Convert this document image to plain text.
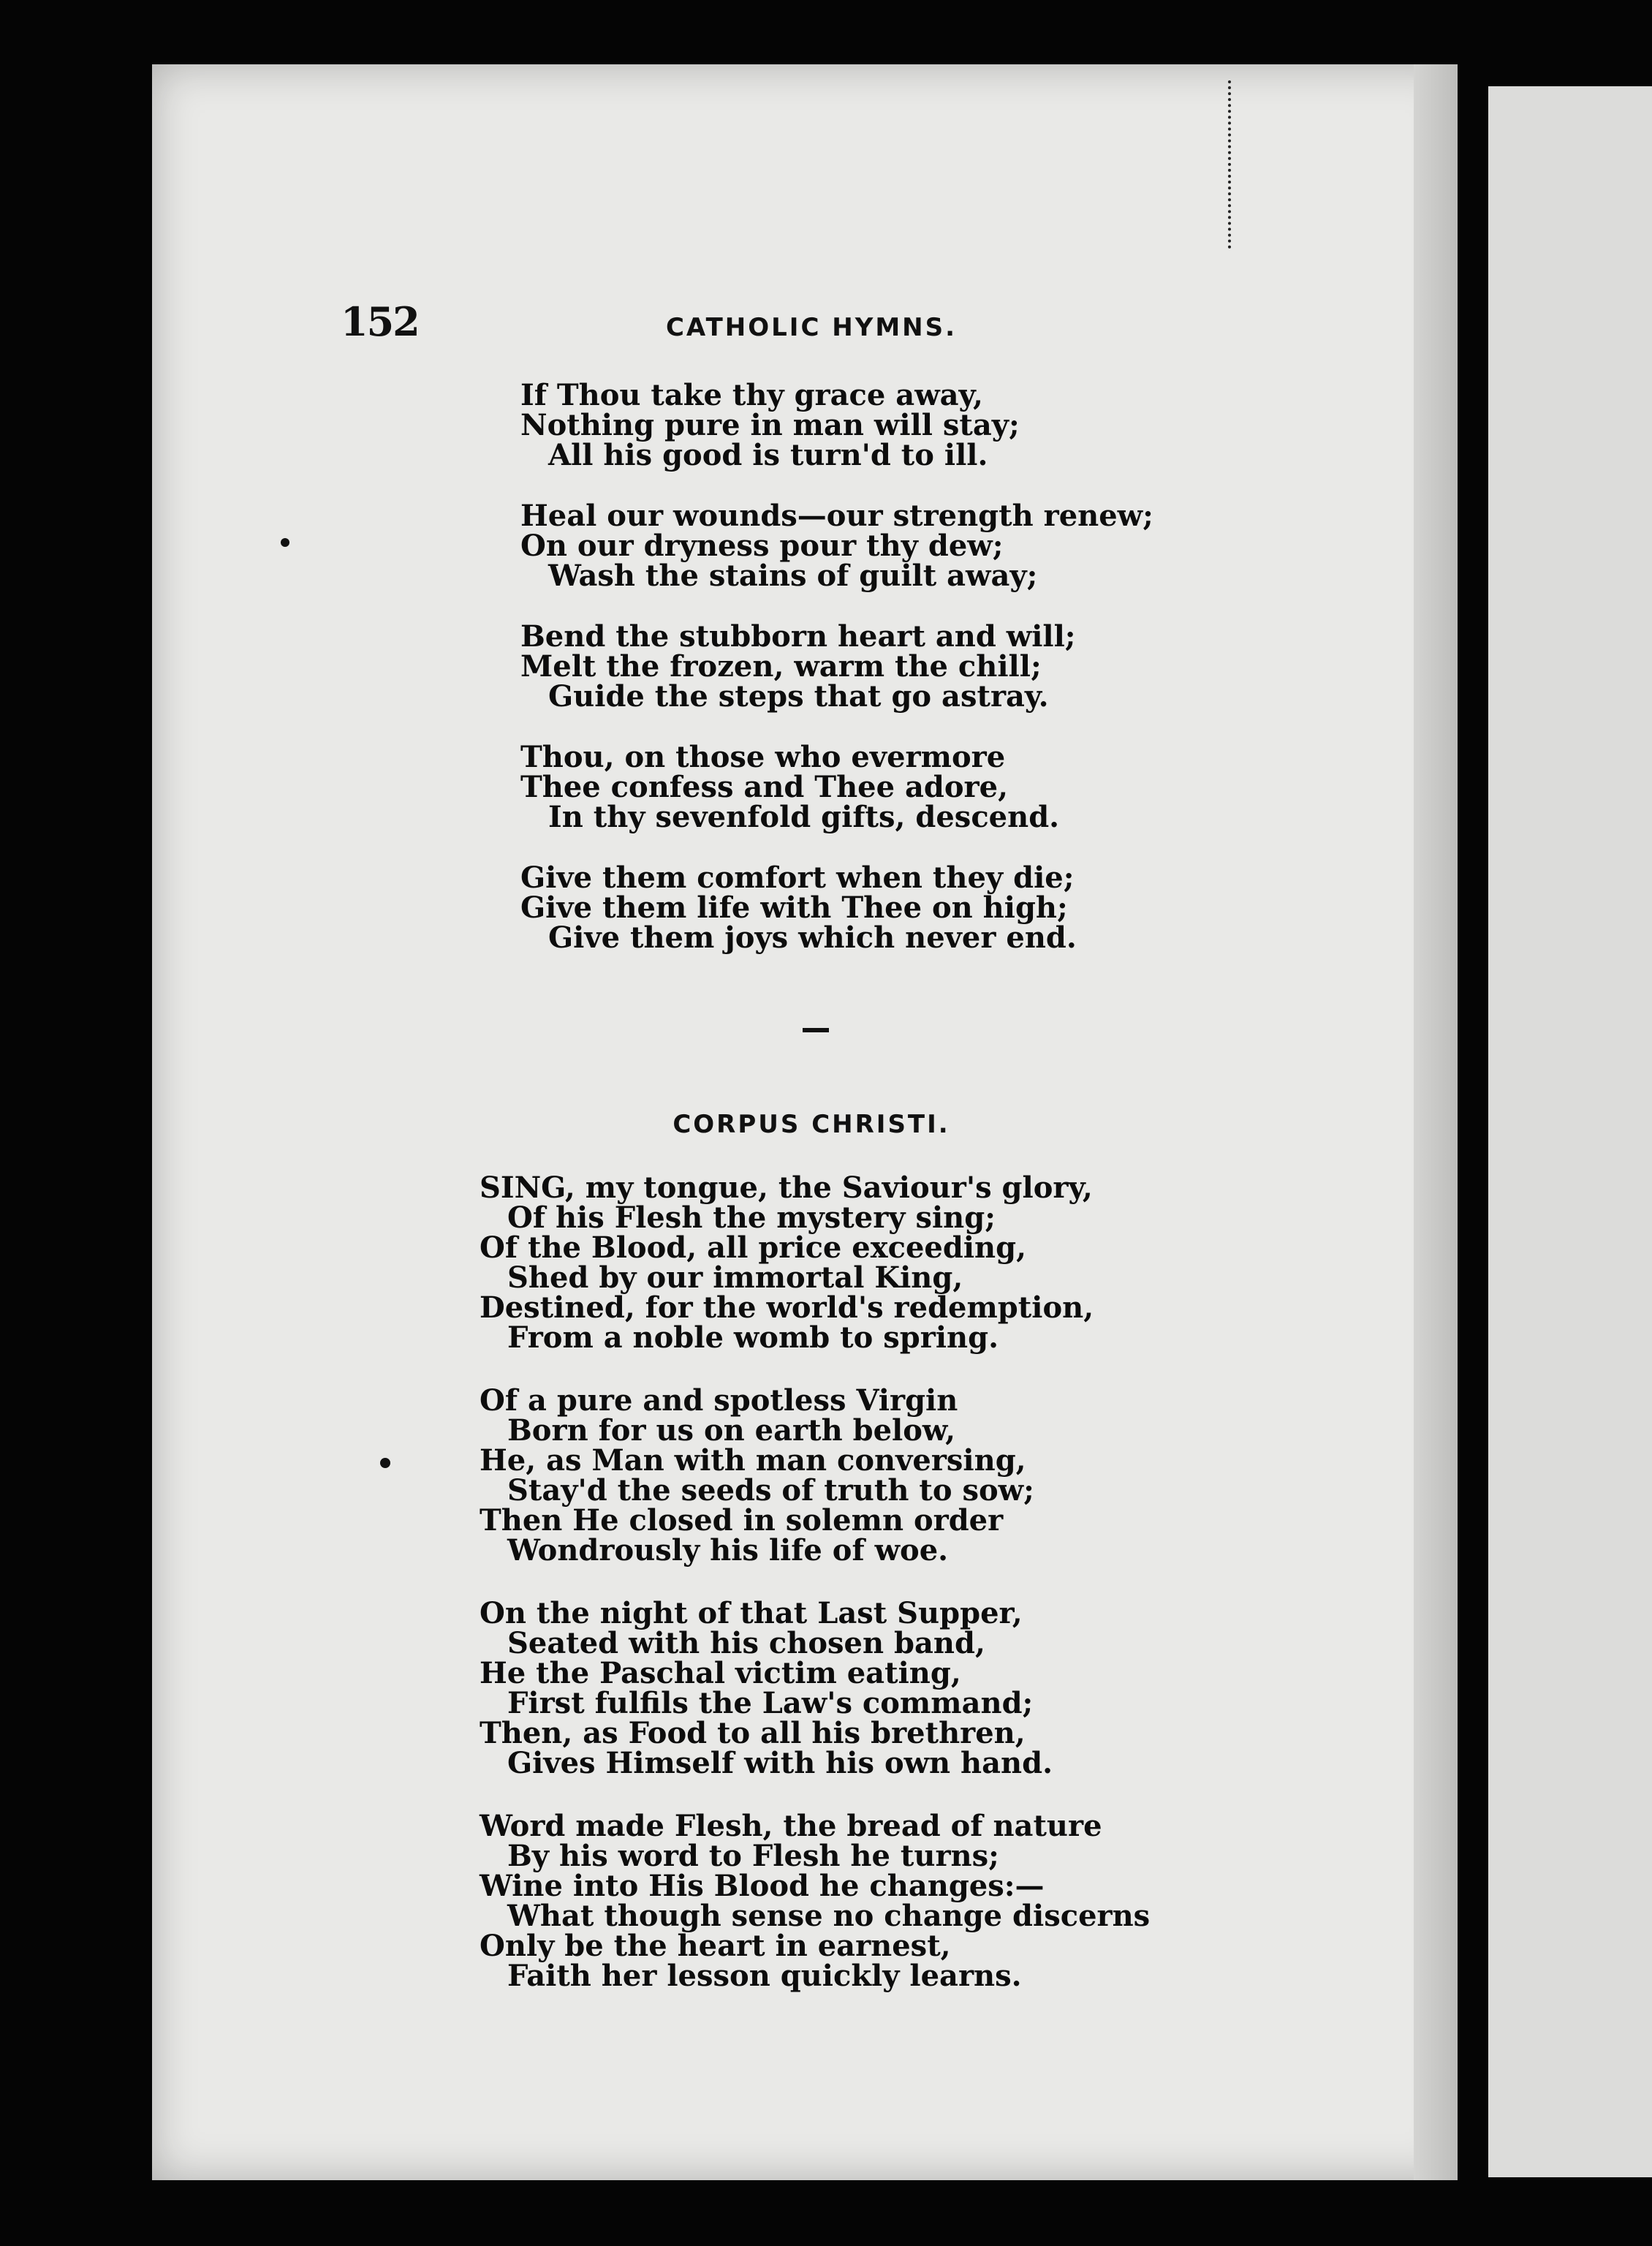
152	CATHOLIC HYMNS.
If Thou take thy grace away,
Nothing pure in man will stay;
All his good is turn'd to ill.
Heal our wounds—our strength renew;
On our dryness pour thy dew;
Wash the stains of guilt away;
Bend the stubborn heart and will;
Melt the frozen, warm the chill;
Guide the steps that go astray.
Thou, on those who evermore
Thee confess and Thee adore,
In thy sevenfold gifts, descend.
Give them comfort when they die;
Give them life with Thee on high;
Give them joys which never end.
CORPUS CHRISTI.
SING, my tongue, the Saviour's glory,
Of his Flesh the mystery sing;
Of the Blood, all price exceeding,
Shed by our immortal King,
Destined, for the world's redemption,
From a noble womb to spring.
Of a pure and spotless Virgin
Born for us on earth below,
He, as Man with man conversing,
Stay'd the seeds of truth to sow;
Then He closed in solemn order
Wondrously his life of woe.
On the night of that Last Supper,
Seated with his chosen band,
He the Paschal victim eating,
First fulfils the Law's command;
Then, as Food to all his brethren,
Gives Himself with his own hand.
Word made Flesh, the bread of nature
By his word to Flesh he turns;
Wine into His Blood he changes:—
What though sense no change discerns
Only be the heart in earnest,
Faith her lesson quickly learns.
